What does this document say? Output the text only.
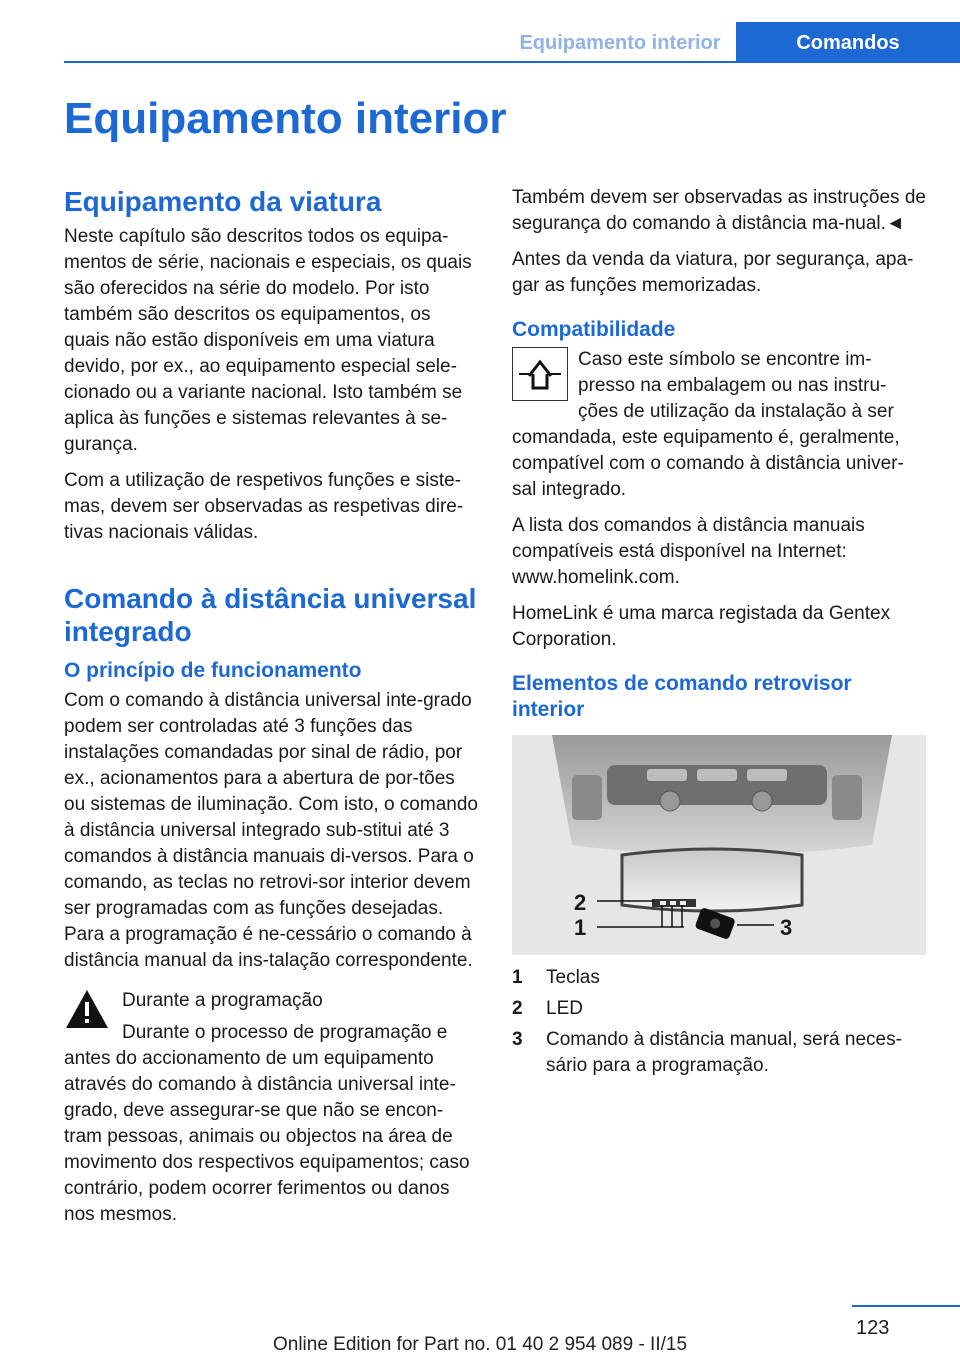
Equipamento interior	Comandos
Equipamento interior
Equipamento da viatura

Neste capítulo são descritos todos os equipa-mentos de série, nacionais e especiais, os quais são oferecidos na série do modelo. Por isto também são descritos os equipamentos, os quais não estão disponíveis em uma viatura devido, por ex., ao equipamento especial sele-cionado ou a variante nacional. Isto também se aplica às funções e sistemas relevantes à se-gurança.

Com a utilização de respetivos funções e siste-mas, devem ser observadas as respetivas dire-tivas nacionais válidas.

Comando à distância universal integrado
O princípio de funcionamento

Com o comando à distância universal inte-grado podem ser controladas até 3 funções das instalações comandadas por sinal de rádio, por ex., acionamentos para a abertura de por-tões ou sistemas de iluminação. Com isto, o comando à distância universal integrado sub-stitui até 3 comandos à distância manuais di-versos. Para o comando, as teclas no retrovi-sor interior devem ser programadas com as funções desejadas. Para a programação é ne-cessário o comando à distância manual da ins-talação correspondente.

Durante a programação

Durante o processo de programação e antes do accionamento de um equipamento através do comando à distância universal inte-grado, deve assegurar-se que não se encon-tram pessoas, animais ou objectos na área de movimento dos respectivos equipamentos; caso contrário, podem ocorrer ferimentos ou danos nos mesmos.

Também devem ser observadas as instruções de segurança do comando à distância ma-nual.◄

Antes da venda da viatura, por segurança, apa-gar as funções memorizadas.

Compatibilidade

Caso este símbolo se encontre im-presso na embalagem ou nas instru-ções de utilização da instalação à ser comandada, este equipamento é, geralmente, compatível com o comando à distância univer-sal integrado.

A lista dos comandos à distância manuais compatíveis está disponível na Internet: www.homelink.com.

HomeLink é uma marca registada da Gentex Corporation.

Elementos de comando retrovisor interior
2
1	3
1	Teclas
2	LED
3	Comando à distância manual, será neces-sário para a programação.
123
Online Edition for Part no. 01 40 2 954 089 - II/15
